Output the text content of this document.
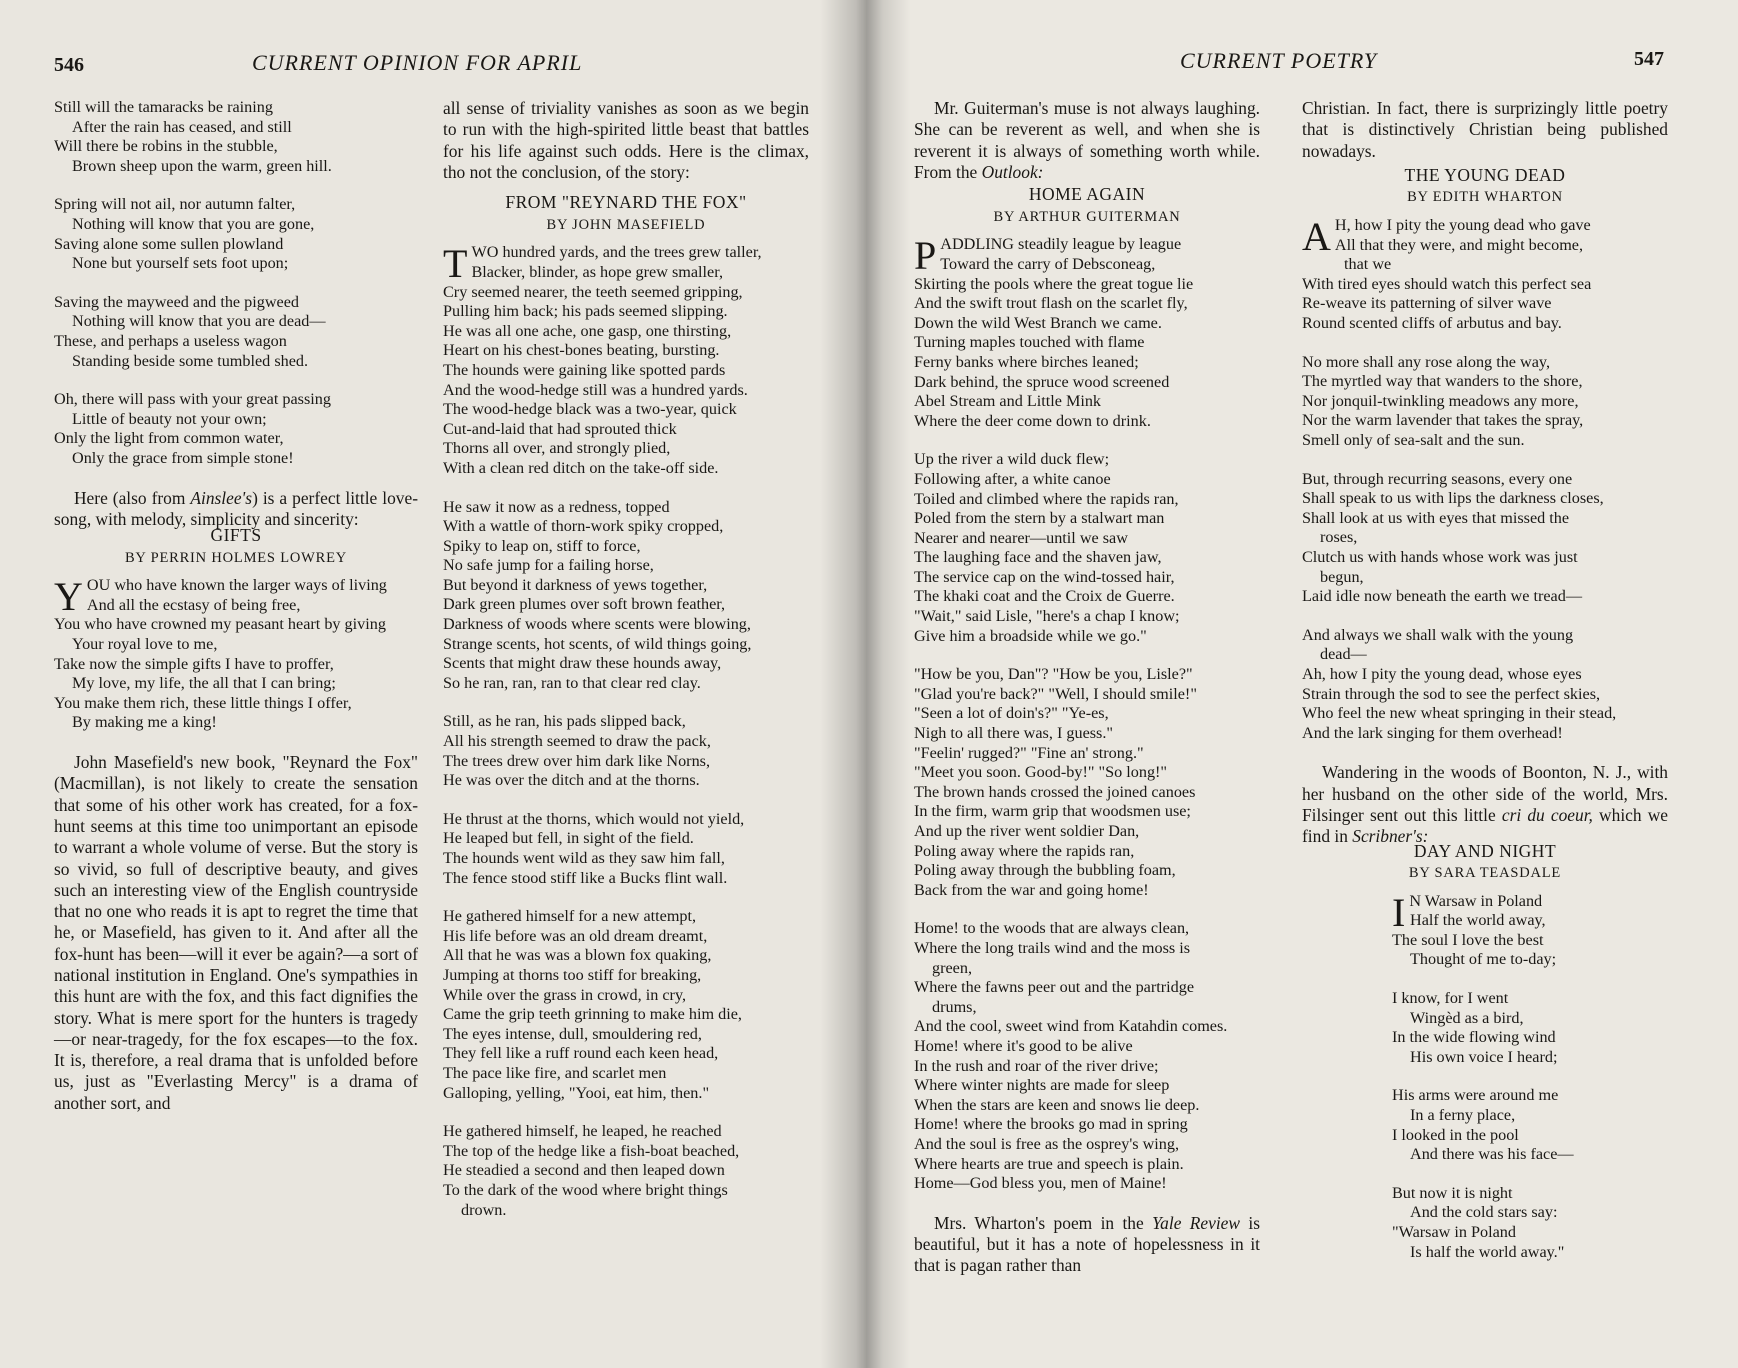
546	CURRENT OPINION FOR APRIL
Still will the tamaracks be raining
After the rain has ceased, and still
Will there be robins in the stubble,
Brown sheep upon the warm, green hill.
Spring will not ail, nor autumn falter,
Nothing will know that you are gone,
Saving alone some sullen plowland
None but yourself sets foot upon;
Saving the mayweed and the pigweed
Nothing will know that you are dead—
These, and perhaps a useless wagon
Standing beside some tumbled shed.
Oh, there will pass with your great passing
Little of beauty not your own;
Only the light from common water,
Only the grace from simple stone!

Here (also from Ainslee's) is a perfect little love-song, with melody, simplicity and sincerity:

GIFTS
BY PERRIN HOLMES LOWREY
Y OU who have known the larger ways of living
And all the ecstasy of being free,
You who have crowned my peasant heart by giving
Your royal love to me,
Take now the simple gifts I have to proffer,
My love, my life, the all that I can bring;
You make them rich, these little things I offer,
By making me a king!

John Masefield's new book, "Reynard the Fox" (Macmillan), is not likely to create the sensation that some of his other work has created, for a fox-hunt seems at this time too unimportant an episode to warrant a whole volume of verse. But the story is so vivid, so full of descriptive beauty, and gives such an interesting view of the English countryside that no one who reads it is apt to regret the time that he, or Masefield, has given to it. And after all the fox-hunt has been—will it ever be again?—a sort of national institution in England. One's sympathies in this hunt are with the fox, and this fact dignifies the story. What is mere sport for the hunters is tragedy—or near-tragedy, for the fox escapes—to the fox. It is, therefore, a real drama that is unfolded before us, just as "Everlasting Mercy" is a drama of another sort, and

all sense of triviality vanishes as soon as we begin to run with the high-spirited little beast that battles for his life against such odds. Here is the climax, tho not the conclusion, of the story:

FROM "REYNARD THE FOX"
BY JOHN MASEFIELD
T WO hundred yards, and the trees grew taller,
Blacker, blinder, as hope grew smaller,
Cry seemed nearer, the teeth seemed gripping,
Pulling him back; his pads seemed slipping.
He was all one ache, one gasp, one thirsting,
Heart on his chest-bones beating, bursting.
The hounds were gaining like spotted pards
And the wood-hedge still was a hundred yards.
The wood-hedge black was a two-year, quick
Cut-and-laid that had sprouted thick
Thorns all over, and strongly plied,
With a clean red ditch on the take-off side.
He saw it now as a redness, topped
With a wattle of thorn-work spiky cropped,
Spiky to leap on, stiff to force,
No safe jump for a failing horse,
But beyond it darkness of yews together,
Dark green plumes over soft brown feather,
Darkness of woods where scents were blowing,
Strange scents, hot scents, of wild things going,
Scents that might draw these hounds away,
So he ran, ran, ran to that clear red clay.
Still, as he ran, his pads slipped back,
All his strength seemed to draw the pack,
The trees drew over him dark like Norns,
He was over the ditch and at the thorns.
He thrust at the thorns, which would not yield,
He leaped but fell, in sight of the field.
The hounds went wild as they saw him fall,
The fence stood stiff like a Bucks flint wall.
He gathered himself for a new attempt,
His life before was an old dream dreamt,
All that he was was a blown fox quaking,
Jumping at thorns too stiff for breaking,
While over the grass in crowd, in cry,
Came the grip teeth grinning to make him die,
The eyes intense, dull, smouldering red,
They fell like a ruff round each keen head,
The pace like fire, and scarlet men
Galloping, yelling, "Yooi, eat him, then."
He gathered himself, he leaped, he reached
The top of the hedge like a fish-boat beached,
He steadied a second and then leaped down
To the dark of the wood where bright things
drown.
CURRENT POETRY	547

Mr. Guiterman's muse is not always laughing. She can be reverent as well, and when she is reverent it is always of something worth while. From the Outlook:

HOME AGAIN
BY ARTHUR GUITERMAN
P ADDLING steadily league by league
Toward the carry of Debsconeag,
Skirting the pools where the great togue lie
And the swift trout flash on the scarlet fly,
Down the wild West Branch we came.
Turning maples touched with flame
Ferny banks where birches leaned;
Dark behind, the spruce wood screened
Abel Stream and Little Mink
Where the deer come down to drink.
Up the river a wild duck flew;
Following after, a white canoe
Toiled and climbed where the rapids ran,
Poled from the stern by a stalwart man
Nearer and nearer—until we saw
The laughing face and the shaven jaw,
The service cap on the wind-tossed hair,
The khaki coat and the Croix de Guerre.
"Wait," said Lisle, "here's a chap I know;
Give him a broadside while we go."
"How be you, Dan"? "How be you, Lisle?"
"Glad you're back?" "Well, I should smile!"
"Seen a lot of doin's?" "Ye-es,
Nigh to all there was, I guess."
"Feelin' rugged?" "Fine an' strong."
"Meet you soon. Good-by!" "So long!"
The brown hands crossed the joined canoes
In the firm, warm grip that woodsmen use;
And up the river went soldier Dan,
Poling away where the rapids ran,
Poling away through the bubbling foam,
Back from the war and going home!
Home! to the woods that are always clean,
Where the long trails wind and the moss is
green,
Where the fawns peer out and the partridge
drums,
And the cool, sweet wind from Katahdin comes.
Home! where it's good to be alive
In the rush and roar of the river drive;
Where winter nights are made for sleep
When the stars are keen and snows lie deep.
Home! where the brooks go mad in spring
And the soul is free as the osprey's wing,
Where hearts are true and speech is plain.
Home—God bless you, men of Maine!

Mrs. Wharton's poem in the Yale Review is beautiful, but it has a note of hopelessness in it that is pagan rather than

Christian. In fact, there is surprizingly little poetry that is distinctively Christian being published nowadays.

THE YOUNG DEAD
BY EDITH WHARTON
A H, how I pity the young dead who gave
All that they were, and might become,
that we
With tired eyes should watch this perfect sea
Re-weave its patterning of silver wave
Round scented cliffs of arbutus and bay.
No more shall any rose along the way,
The myrtled way that wanders to the shore,
Nor jonquil-twinkling meadows any more,
Nor the warm lavender that takes the spray,
Smell only of sea-salt and the sun.
But, through recurring seasons, every one
Shall speak to us with lips the darkness closes,
Shall look at us with eyes that missed the
roses,
Clutch us with hands whose work was just
begun,
Laid idle now beneath the earth we tread—
And always we shall walk with the young
dead—
Ah, how I pity the young dead, whose eyes
Strain through the sod to see the perfect skies,
Who feel the new wheat springing in their stead,
And the lark singing for them overhead!

Wandering in the woods of Boonton, N. J., with her husband on the other side of the world, Mrs. Filsinger sent out this little cri du coeur, which we find in Scribner's:

DAY AND NIGHT
BY SARA TEASDALE
I N Warsaw in Poland
Half the world away,
The soul I love the best
Thought of me to-day;
I know, for I went
Wingèd as a bird,
In the wide flowing wind
His own voice I heard;
His arms were around me
In a ferny place,
I looked in the pool
And there was his face—
But now it is night
And the cold stars say:
"Warsaw in Poland
Is half the world away."
